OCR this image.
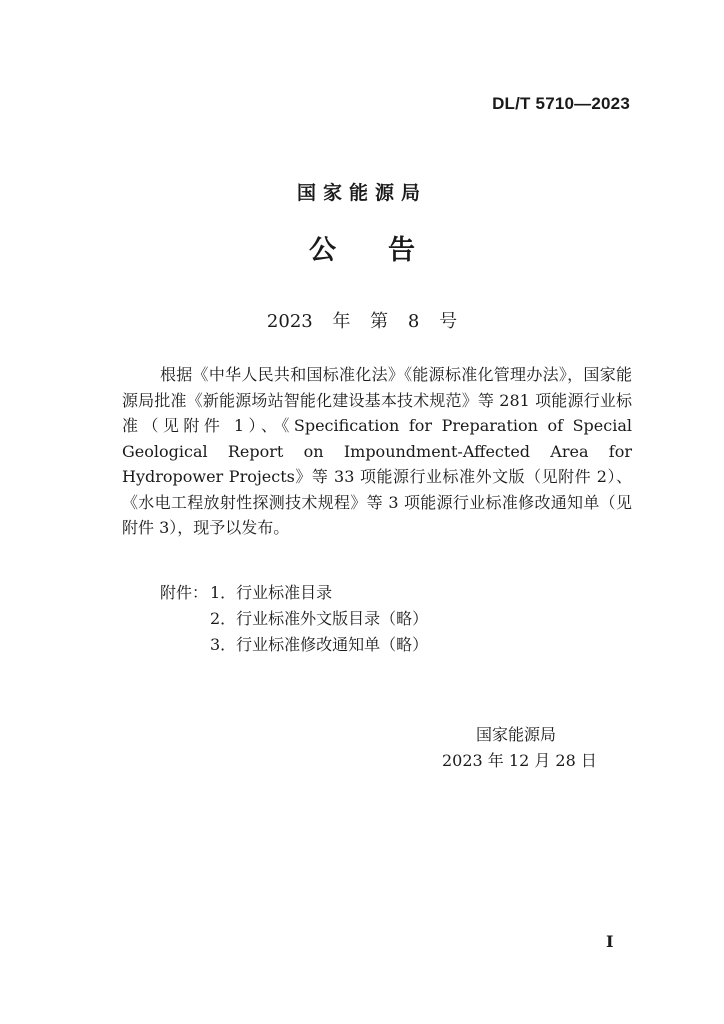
DL/T 5710—2023
国家能源局
公告
2023 年 第 8 号

根据《中华人民共和国标准化法》《能源标准化管理办法》，国家能源局批准《新能源场站智能化建设基本技术规范》等 281 项能源行业标准（见附件 1）、《Specification for Preparation of Special Geological Report on Impoundment-Affected Area for Hydropower Projects》等 33 项能源行业标准外文版（见附件 2）、《水电工程放射性探测技术规程》等 3 项能源行业标准修改通知单（见附件 3），现予以发布。

附件： 1．行业标准目录
2．行业标准外文版目录（略）
3．行业标准修改通知单（略）
国家能源局
2023 年 12 月 28 日
I
